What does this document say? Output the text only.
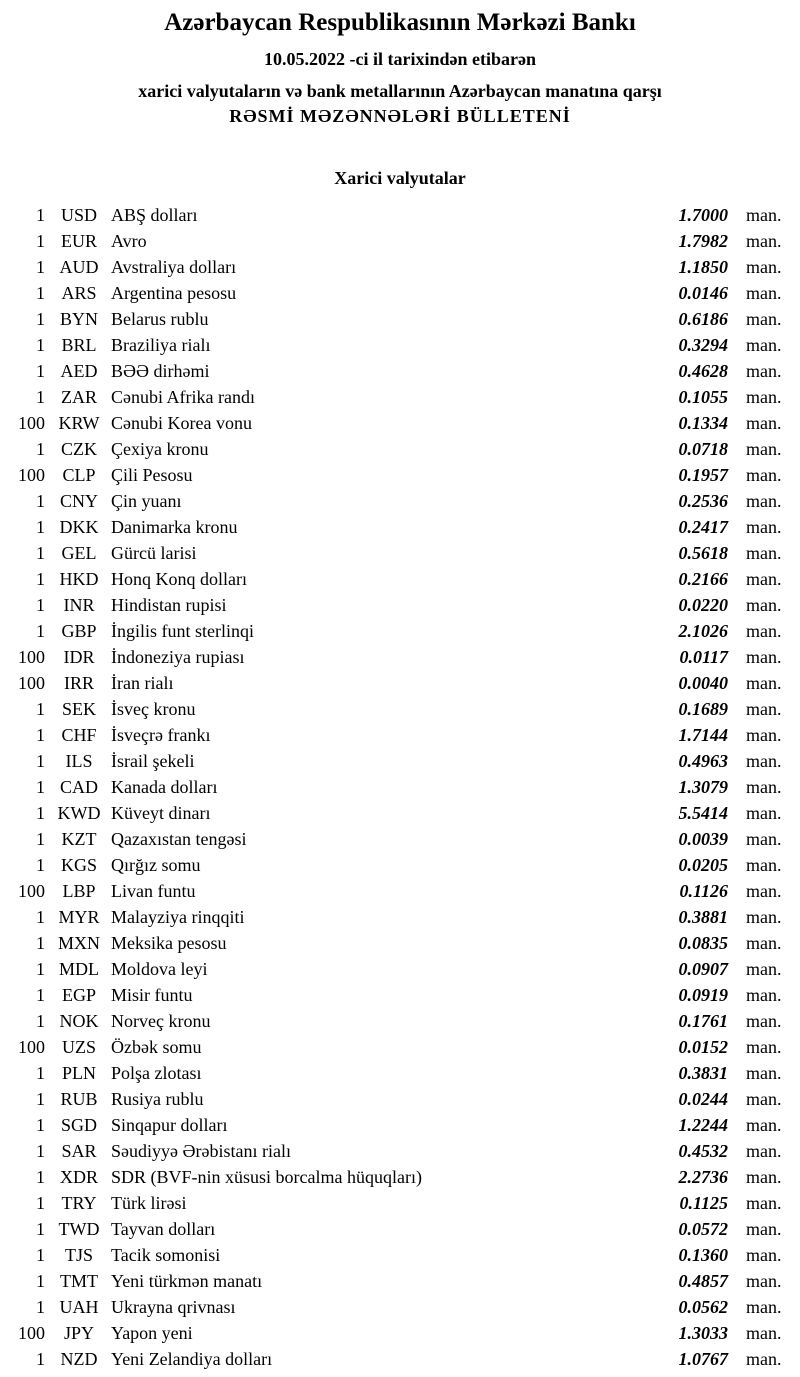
Azərbaycan Respublikasının Mərkəzi Bankı
10.05.2022 -ci il tarixindən etibarən
xarici valyutaların və bank metallarının Azərbaycan manatına qarşı
RƏSMİ MƏZƏNNƏLƏRİ BÜLLETENİ
Xarici valyutalar
1 USD ABŞ dolları	1.7000 man.
1 EUR Avro	1.7982 man.
1 AUD Avstraliya dolları	1.1850 man.
1 ARS Argentina pesosu	0.0146 man.
1 BYN Belarus rublu	0.6186 man.
1 BRL Braziliya rialı	0.3294 man.
1 AED BƏƏ dirhəmi	0.4628 man.
1 ZAR Cənubi Afrika randı	0.1055 man.
100 KRW Cənubi Korea vonu	0.1334 man.
1 CZK Çexiya kronu	0.0718 man.
100 CLP Çili Pesosu	0.1957 man.
1 CNY Çin yuanı	0.2536 man.
1 DKK Danimarka kronu	0.2417 man.
1 GEL Gürcü larisi	0.5618 man.
1 HKD Honq Konq dolları	0.2166 man.
1	INR Hindistan rupisi	0.0220 man.
1 GBP İngilis funt sterlinqi	2.1026 man.
100	IDR İndoneziya rupiası	0.0117 man.
100	IRR İran rialı	0.0040 man.
1 SEK İsveç kronu	0.1689 man.
1 CHF İsveçrə frankı	1.7144 man.
1	ILS	İsrail şekeli	0.4963 man.
1 CAD Kanada dolları	1.3079 man.
1 KWD Küveyt dinarı	5.5414 man.
1 KZT Qazaxıstan tengəsi	0.0039 man.
1 KGS Qırğız somu	0.0205 man.
100 LBP Livan funtu	0.1126 man.
1 MYR Malayziya rinqqiti	0.3881 man.
1 MXN Meksika pesosu	0.0835 man.
1 MDL Moldova leyi	0.0907 man.
1 EGP Misir funtu	0.0919 man.
1 NOK Norveç kronu	0.1761 man.
100 UZS Özbək somu	0.0152 man.
1 PLN Polşa zlotası	0.3831 man.
1 RUB Rusiya rublu	0.0244 man.
1 SGD Sinqapur dolları	1.2244 man.
1 SAR Səudiyyə Ərəbistanı rialı	0.4532 man.
1 XDR SDR (BVF-nin xüsusi borcalma hüquqları)	2.2736 man.
1 TRY Türk lirəsi	0.1125 man.
1 TWD Tayvan dolları	0.0572 man.
1	TJS	Tacik somonisi	0.1360 man.
1 TMT Yeni türkmən manatı	0.4857 man.
1 UAH Ukrayna qrivnası	0.0562 man.
100	JPY Yapon yeni	1.3033 man.
1 NZD Yeni Zelandiya dolları	1.0767 man.
